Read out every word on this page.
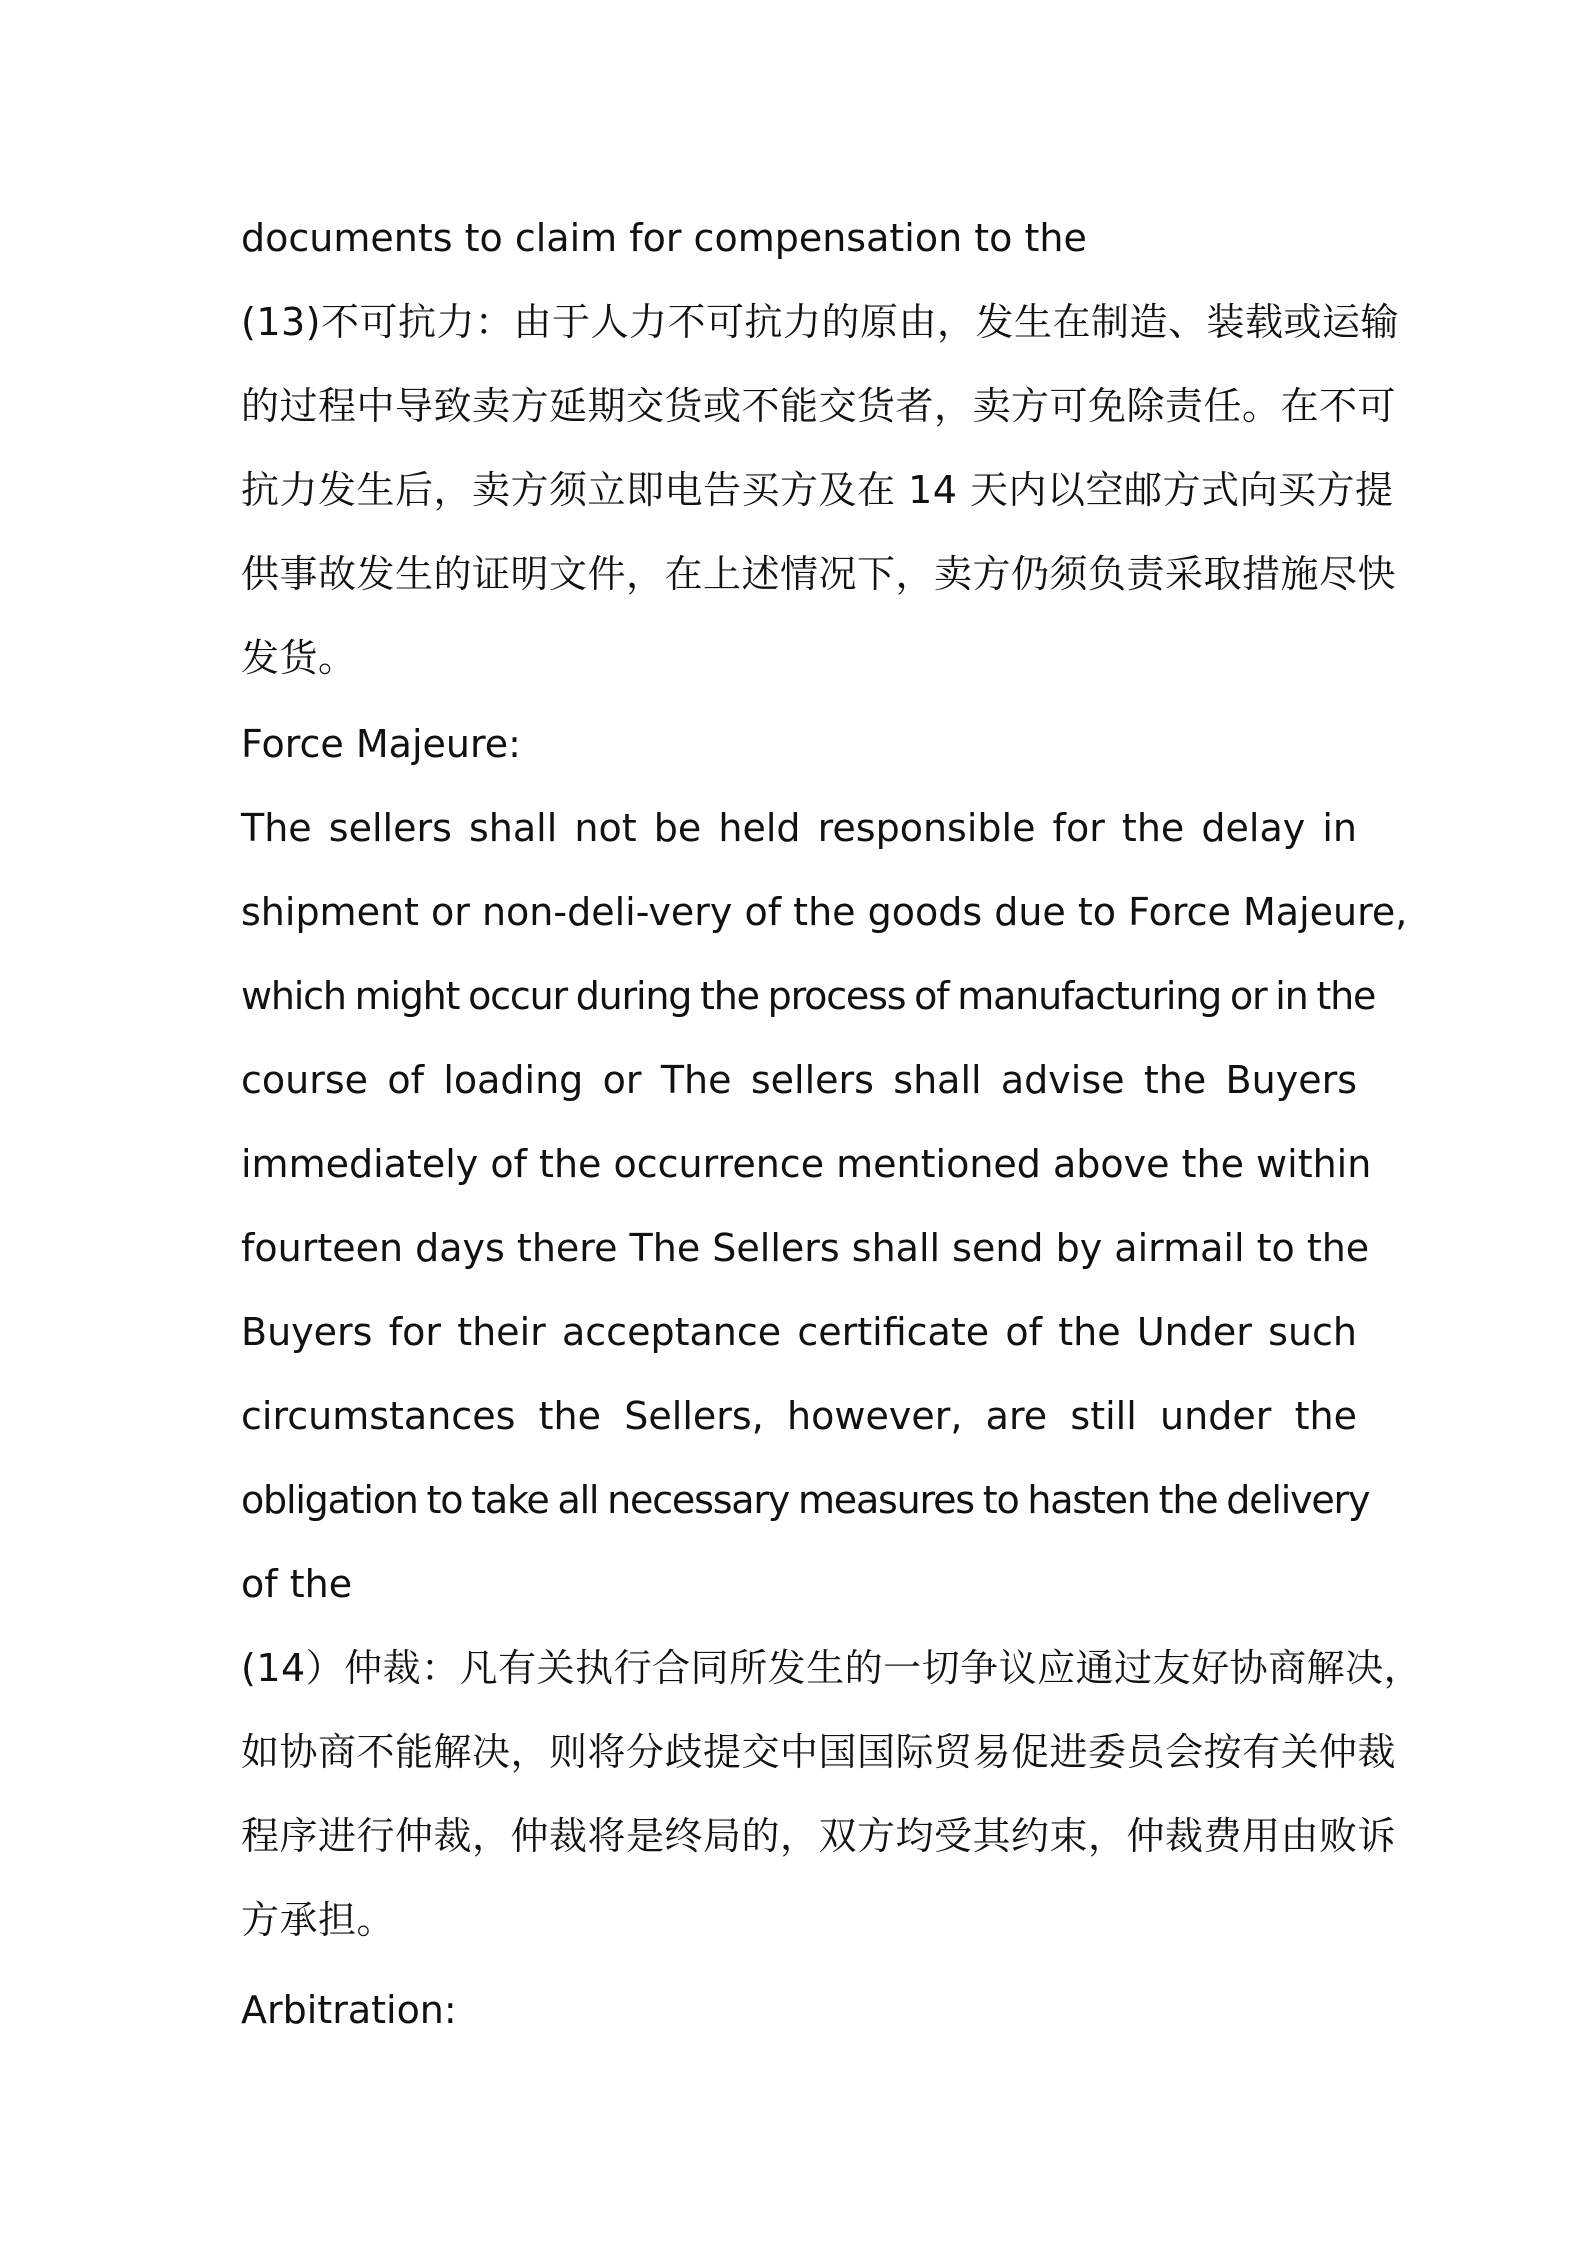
documents to claim for compensation to the
(13)不可抗力：由于人力不可抗力的原由，发生在制造、装载或运输
的过程中导致卖方延期交货或不能交货者，卖方可免除责任。在不可
抗力发生后，卖方须立即电告买方及在 14 天内以空邮方式向买方提
供事故发生的证明文件，在上述情况下，卖方仍须负责采取措施尽快
发货。
Force Majeure:
The sellers shall not be held responsible for the delay in
shipment or non-deli-very of the goods due to Force Majeure,
which might occur during the process of manufacturing or in the
course of loading or The sellers shall advise the Buyers
immediately of the occurrence mentioned above the within
fourteen days there The Sellers shall send by airmail to the
Buyers for their acceptance certificate of the Under such
circumstances the Sellers, however, are still under the
obligation to take all necessary measures to hasten the delivery
of the
(14）仲裁：凡有关执行合同所发生的一切争议应通过友好协商解决，
如协商不能解决，则将分歧提交中国国际贸易促进委员会按有关仲裁
程序进行仲裁，仲裁将是终局的，双方均受其约束，仲裁费用由败诉
方承担。
Arbitration:
